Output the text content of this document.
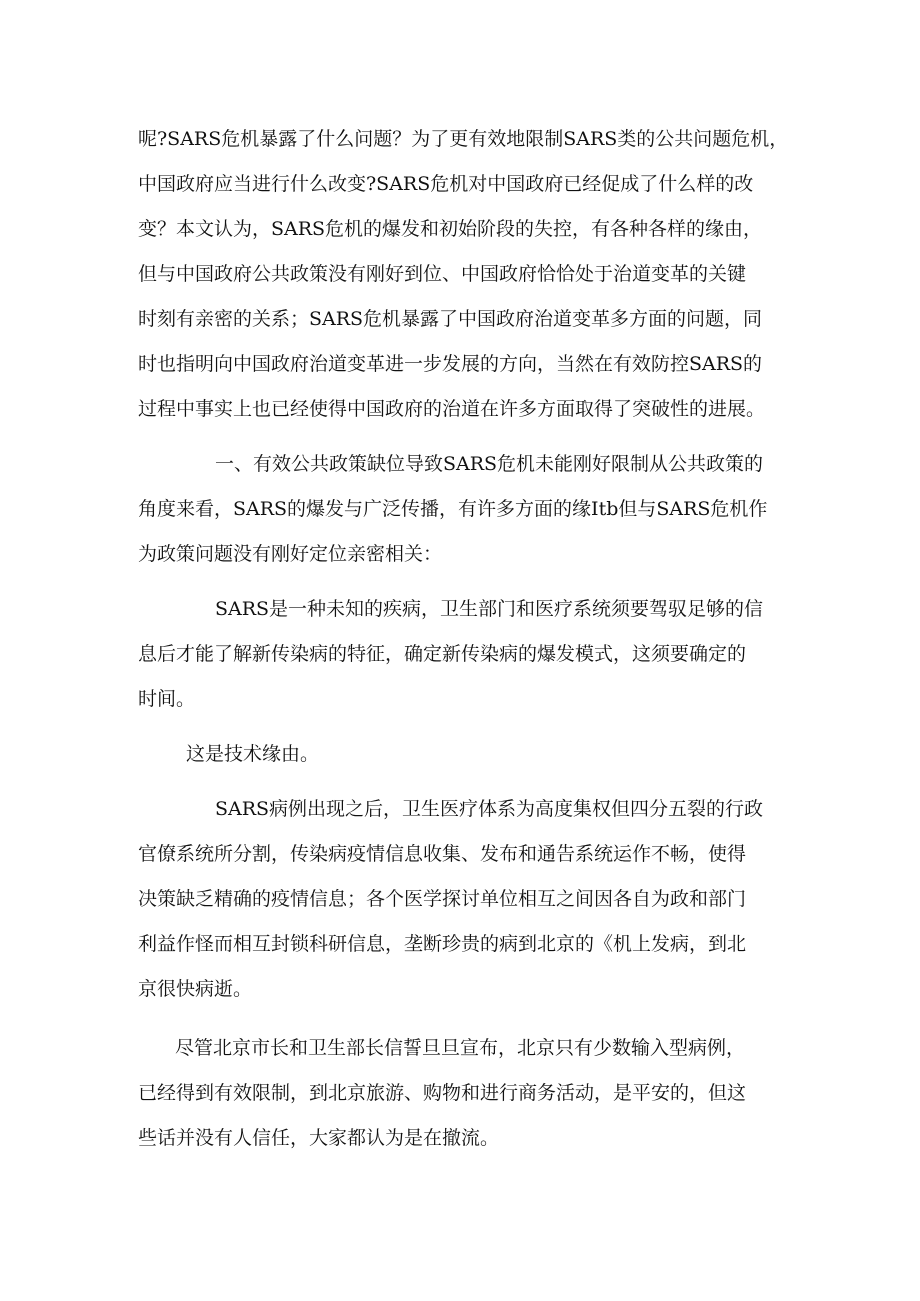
呢?SARS危机暴露了什么问题？为了更有效地限制SARS类的公共问题危机，

中国政府应当进行什么改变?SARS危机对中国政府已经促成了什么样的改

变？本文认为，SARS危机的爆发和初始阶段的失控，有各种各样的缘由，

但与中国政府公共政策没有刚好到位、中国政府恰恰处于治道变革的关键

时刻有亲密的关系；SARS危机暴露了中国政府治道变革多方面的问题，同

时也指明向中国政府治道变革进一步发展的方向，当然在有效防控SARS的

过程中事实上也已经使得中国政府的治道在许多方面取得了突破性的进展。

一、有效公共政策缺位导致SARS危机未能刚好限制从公共政策的

角度来看，SARS的爆发与广泛传播，有许多方面的缘Itb但与SARS危机作

为政策问题没有刚好定位亲密相关：

SARS是一种未知的疾病，卫生部门和医疗系统须要驾驭足够的信

息后才能了解新传染病的特征，确定新传染病的爆发模式，这须要确定的

时间。

这是技术缘由。

SARS病例出现之后，卫生医疗体系为高度集权但四分五裂的行政

官僚系统所分割，传染病疫情信息收集、发布和通告系统运作不畅，使得

决策缺乏精确的疫情信息；各个医学探讨单位相互之间因各自为政和部门

利益作怪而相互封锁科研信息，垄断珍贵的病到北京的《机上发病，到北

京很快病逝。

尽管北京市长和卫生部长信誓旦旦宣布，北京只有少数输入型病例，

已经得到有效限制，到北京旅游、购物和进行商务活动，是平安的，但这

些话并没有人信任，大家都认为是在撤流。
